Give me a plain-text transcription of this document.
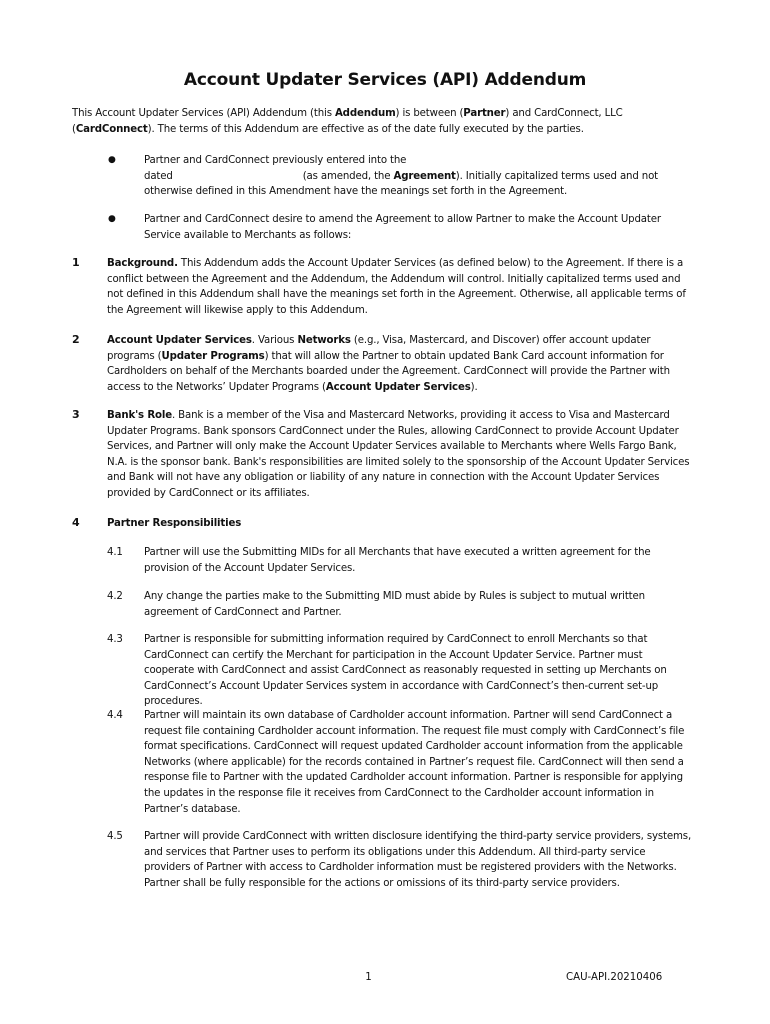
Account Updater Services (API) Addendum
This Account Updater Services (API) Addendum (this Addendum) is between (Partner) and CardConnect, LLC (CardConnect). The terms of this Addendum are effective as of the date fully executed by the parties.
●	Partner and CardConnect previously entered into the
dated	(as amended, the Agreement). Initially capitalized terms used and not otherwise defined in this Amendment have the meanings set forth in the Agreement.
●	Partner and CardConnect desire to amend the Agreement to allow Partner to make the Account Updater Service available to Merchants as follows:
1	Background. This Addendum adds the Account Updater Services (as defined below) to the Agreement. If there is a conflict between the Agreement and the Addendum, the Addendum will control. Initially capitalized terms used and not defined in this Addendum shall have the meanings set forth in the Agreement. Otherwise, all applicable terms of the Agreement will likewise apply to this Addendum.
2	Account Updater Services. Various Networks (e.g., Visa, Mastercard, and Discover) offer account updater programs (Updater Programs) that will allow the Partner to obtain updated Bank Card account information for Cardholders on behalf of the Merchants boarded under the Agreement. CardConnect will provide the Partner with access to the Networks’ Updater Programs (Account Updater Services).
3	Bank's Role. Bank is a member of the Visa and Mastercard Networks, providing it access to Visa and Mastercard Updater Programs. Bank sponsors CardConnect under the Rules, allowing CardConnect to provide Account Updater Services, and Partner will only make the Account Updater Services available to Merchants where Wells Fargo Bank, N.A. is the sponsor bank. Bank's responsibilities are limited solely to the sponsorship of the Account Updater Services and Bank will not have any obligation or liability of any nature in connection with the Account Updater Services provided by CardConnect or its affiliates.
4	Partner Responsibilities
4.1 Partner will use the Submitting MIDs for all Merchants that have executed a written agreement for the provision of the Account Updater Services.
4.2 Any change the parties make to the Submitting MID must abide by Rules is subject to mutual written agreement of CardConnect and Partner.
4.3 Partner is responsible for submitting information required by CardConnect to enroll Merchants so that CardConnect can certify the Merchant for participation in the Account Updater Service. Partner must cooperate with CardConnect and assist CardConnect as reasonably requested in setting up Merchants on CardConnect’s Account Updater Services system in accordance with CardConnect’s then-current set-up procedures.
4.4 Partner will maintain its own database of Cardholder account information. Partner will send CardConnect a request file containing Cardholder account information. The request file must comply with CardConnect’s file format specifications. CardConnect will request updated Cardholder account information from the applicable Networks (where applicable) for the records contained in Partner’s request file. CardConnect will then send a response file to Partner with the updated Cardholder account information. Partner is responsible for applying the updates in the response file it receives from CardConnect to the Cardholder account information in Partner’s database.
4.5 Partner will provide CardConnect with written disclosure identifying the third-party service providers, systems, and services that Partner uses to perform its obligations under this Addendum. All third-party service providers of Partner with access to Cardholder information must be registered providers with the Networks. Partner shall be fully responsible for the actions or omissions of its third-party service providers.
1	CAU-API.20210406
